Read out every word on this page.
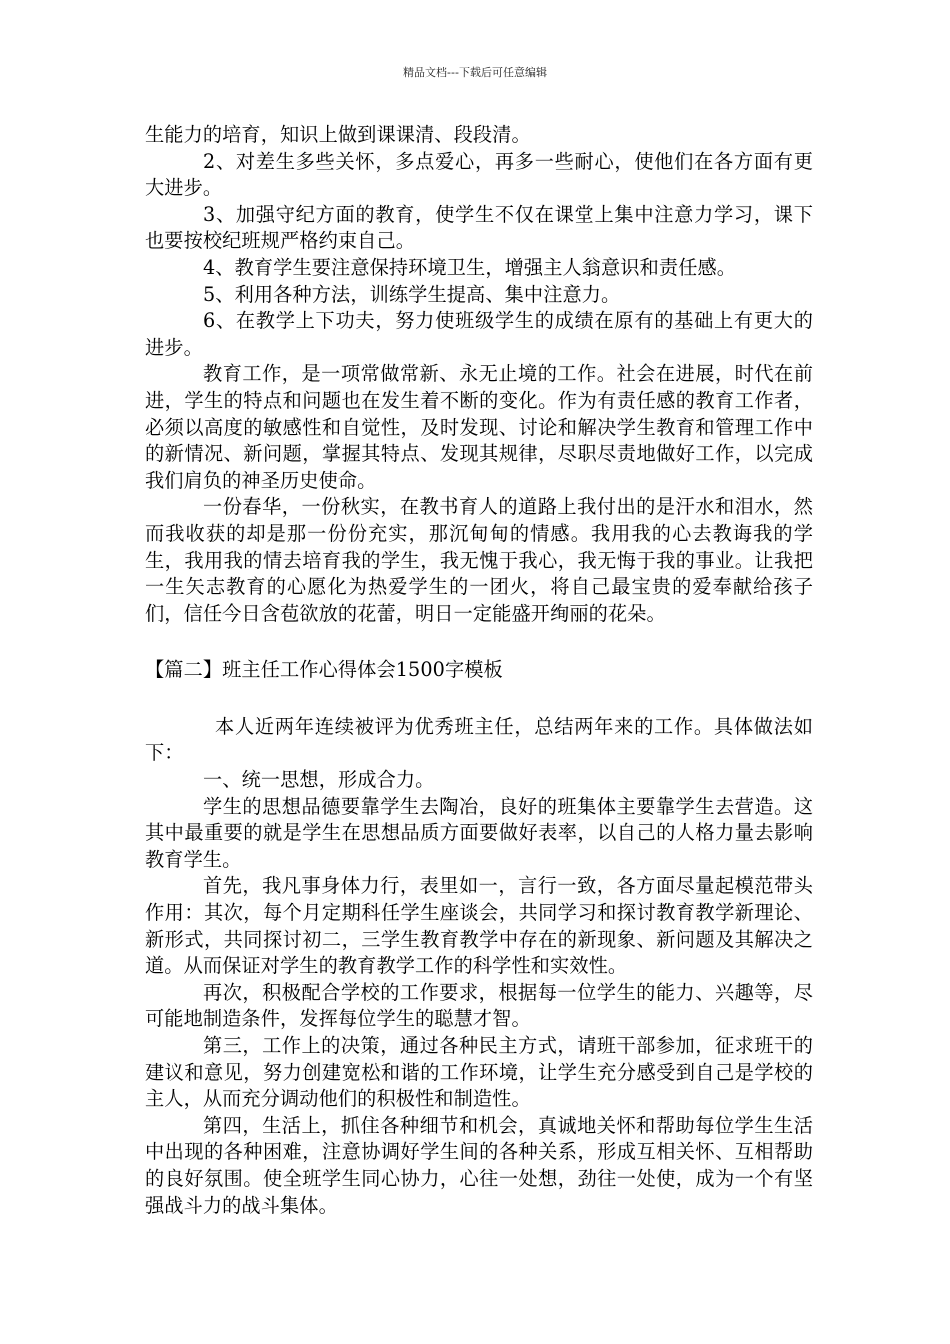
精品文档---下载后可任意编辑

生能力的培育，知识上做到课课清、段段清。

2、对差生多些关怀，多点爱心，再多一些耐心，使他们在各方面有更大进步。

3、加强守纪方面的教育，使学生不仅在课堂上集中注意力学习，课下也要按校纪班规严格约束自己。

4、教育学生要注意保持环境卫生，增强主人翁意识和责任感。

5、利用各种方法，训练学生提高、集中注意力。

6、在教学上下功夫，努力使班级学生的成绩在原有的基础上有更大的进步。

教育工作，是一项常做常新、永无止境的工作。社会在进展，时代在前进，学生的特点和问题也在发生着不断的变化。作为有责任感的教育工作者，必须以高度的敏感性和自觉性，及时发现、讨论和解决学生教育和管理工作中的新情况、新问题，掌握其特点、发现其规律，尽职尽责地做好工作，以完成我们肩负的神圣历史使命。

一份春华，一份秋实，在教书育人的道路上我付出的是汗水和泪水，然而我收获的却是那一份份充实，那沉甸甸的情感。我用我的心去教诲我的学生，我用我的情去培育我的学生，我无愧于我心，我无悔于我的事业。让我把一生矢志教育的心愿化为热爱学生的一团火，将自己最宝贵的爱奉献给孩子们，信任今日含苞欲放的花蕾，明日一定能盛开绚丽的花朵。

【篇二】班主任工作心得体会1500字模板

本人近两年连续被评为优秀班主任，总结两年来的工作。具体做法如下：

一、统一思想，形成合力。

学生的思想品德要靠学生去陶冶，良好的班集体主要靠学生去营造。这其中最重要的就是学生在思想品质方面要做好表率，以自己的人格力量去影响教育学生。

首先，我凡事身体力行，表里如一，言行一致，各方面尽量起模范带头作用：其次，每个月定期科任学生座谈会，共同学习和探讨教育教学新理论、新形式，共同探讨初二，三学生教育教学中存在的新现象、新问题及其解决之道。从而保证对学生的教育教学工作的科学性和实效性。

再次，积极配合学校的工作要求，根据每一位学生的能力、兴趣等，尽可能地制造条件，发挥每位学生的聪慧才智。

第三，工作上的决策，通过各种民主方式，请班干部参加，征求班干的建议和意见，努力创建宽松和谐的工作环境，让学生充分感受到自己是学校的主人，从而充分调动他们的积极性和制造性。

第四，生活上，抓住各种细节和机会，真诚地关怀和帮助每位学生生活中出现的各种困难，注意协调好学生间的各种关系，形成互相关怀、互相帮助的良好氛围。使全班学生同心协力，心往一处想，劲往一处使，成为一个有坚强战斗力的战斗集体。
